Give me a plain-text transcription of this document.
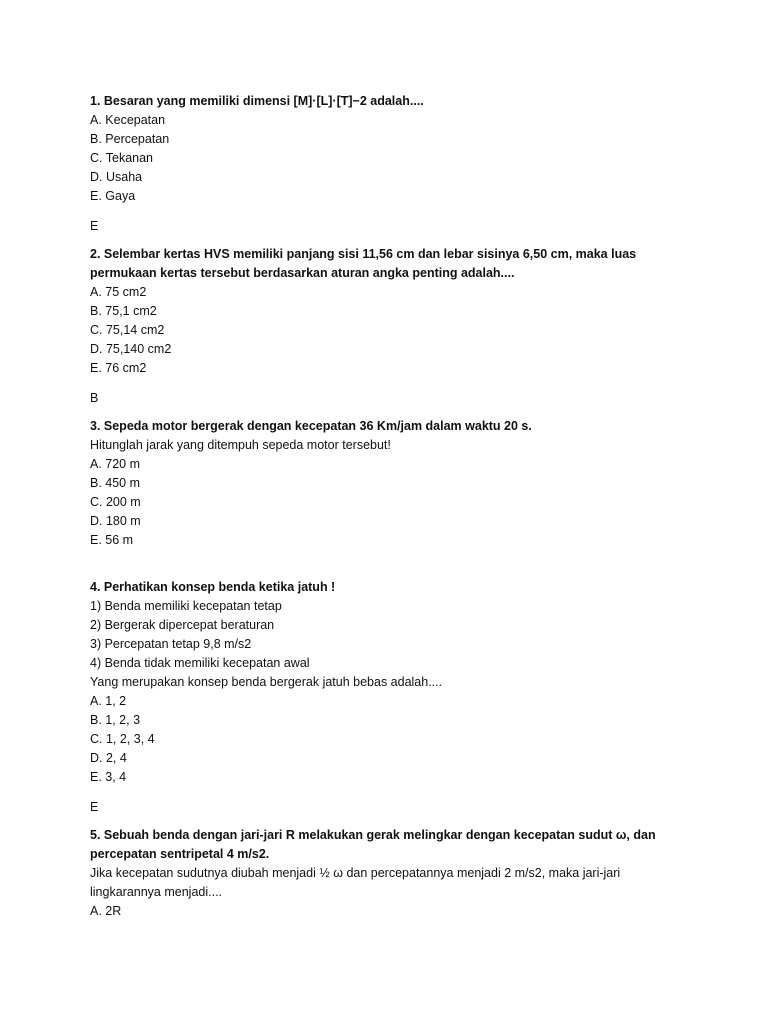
1. Besaran yang memiliki dimensi [M]·[L]·[T]−2 adalah....
A. Kecepatan
B. Percepatan
C. Tekanan
D. Usaha
E. Gaya
E
2. Selembar kertas HVS memiliki panjang sisi 11,56 cm dan lebar sisinya 6,50 cm, maka luas
permukaan kertas tersebut berdasarkan aturan angka penting adalah....
A. 75 cm2
B. 75,1 cm2
C. 75,14 cm2
D. 75,140 cm2
E. 76 cm2
B
3. Sepeda motor bergerak dengan kecepatan 36 Km/jam dalam waktu 20 s.
Hitunglah jarak yang ditempuh sepeda motor tersebut!
A. 720 m
B. 450 m
C. 200 m
D. 180 m
E. 56 m
4. Perhatikan konsep benda ketika jatuh !
1) Benda memiliki kecepatan tetap
2) Bergerak dipercepat beraturan
3) Percepatan tetap 9,8 m/s2
4) Benda tidak memiliki kecepatan awal
Yang merupakan konsep benda bergerak jatuh bebas adalah....
A. 1, 2
B. 1, 2, 3
C. 1, 2, 3, 4
D. 2, 4
E. 3, 4
E
5. Sebuah benda dengan jari-jari R melakukan gerak melingkar dengan kecepatan sudut ω, dan
percepatan sentripetal 4 m/s2.
Jika kecepatan sudutnya diubah menjadi ½ ω dan percepatannya menjadi 2 m/s2, maka jari-jari
lingkarannya menjadi....
A. 2R
